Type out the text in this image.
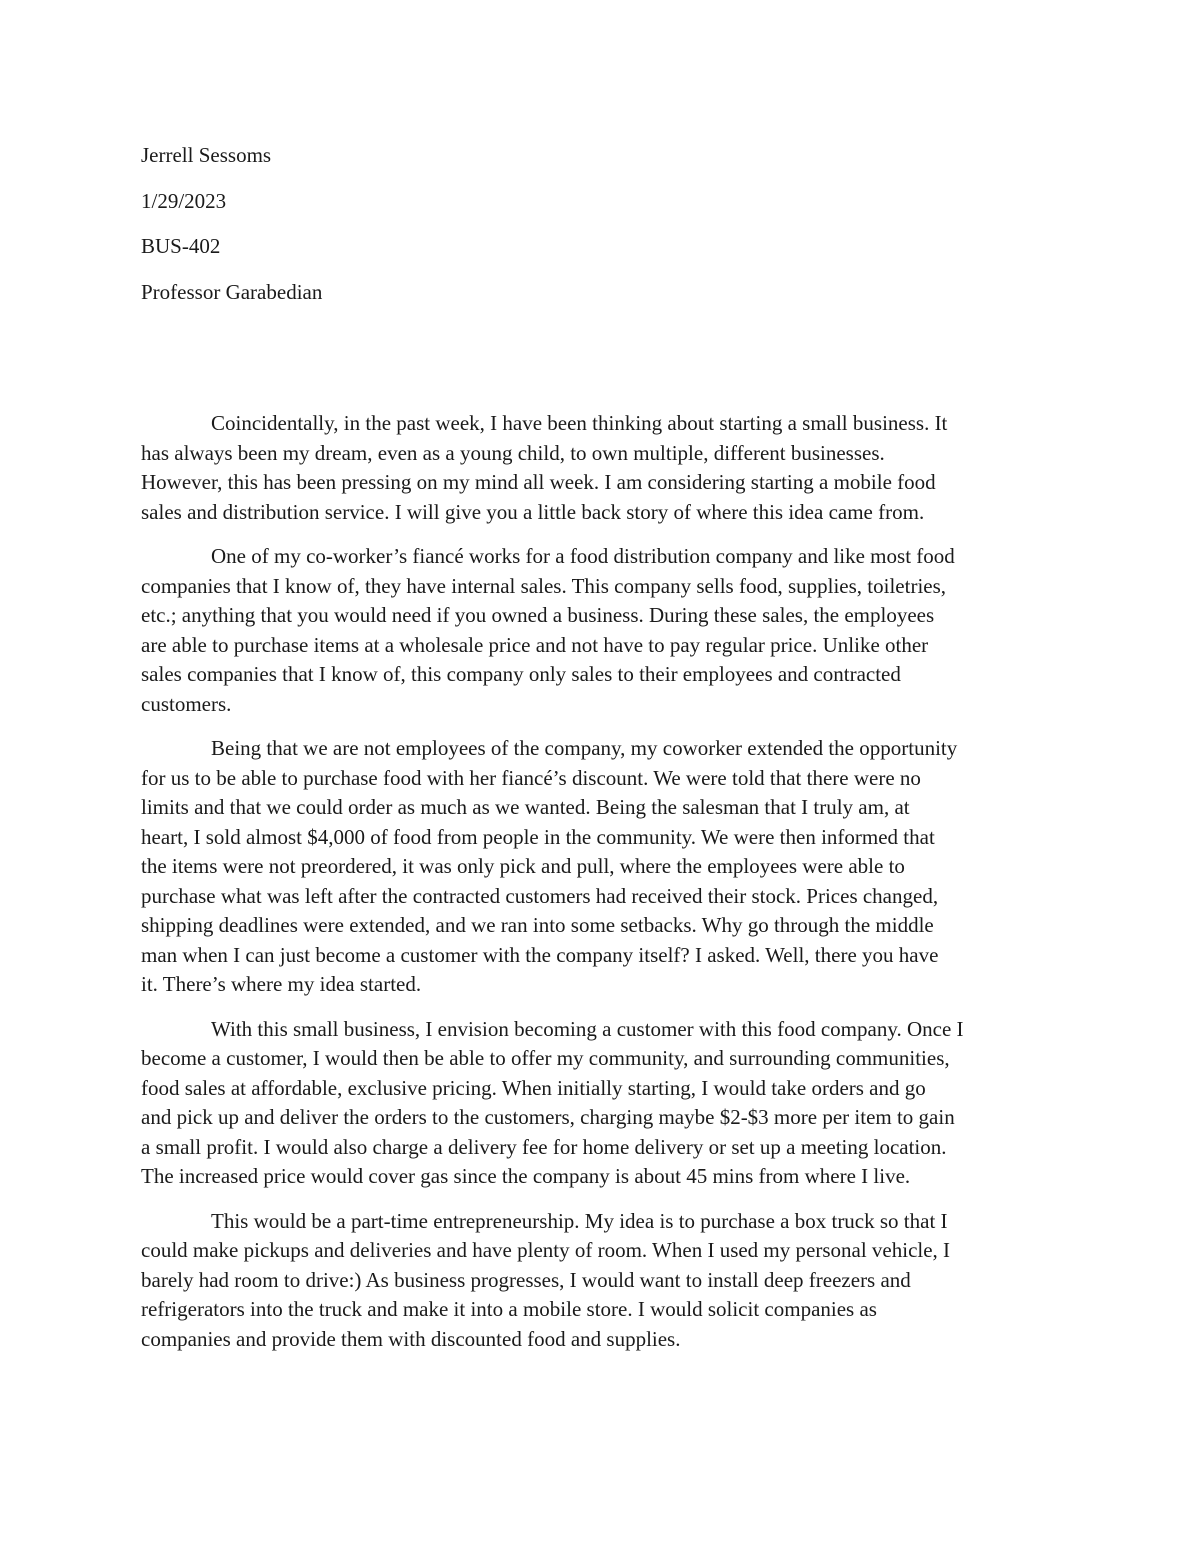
Jerrell Sessoms
1/29/2023
BUS-402
Professor Garabedian
Coincidentally, in the past week, I have been thinking about starting a small business. It
has always been my dream, even as a young child, to own multiple, different businesses.
However, this has been pressing on my mind all week. I am considering starting a mobile food
sales and distribution service. I will give you a little back story of where this idea came from.
One of my co-worker’s fiancé works for a food distribution company and like most food
companies that I know of, they have internal sales. This company sells food, supplies, toiletries,
etc.; anything that you would need if you owned a business. During these sales, the employees
are able to purchase items at a wholesale price and not have to pay regular price. Unlike other
sales companies that I know of, this company only sales to their employees and contracted
customers.
Being that we are not employees of the company, my coworker extended the opportunity
for us to be able to purchase food with her fiancé’s discount. We were told that there were no
limits and that we could order as much as we wanted. Being the salesman that I truly am, at
heart, I sold almost $4,000 of food from people in the community. We were then informed that
the items were not preordered, it was only pick and pull, where the employees were able to
purchase what was left after the contracted customers had received their stock. Prices changed,
shipping deadlines were extended, and we ran into some setbacks. Why go through the middle
man when I can just become a customer with the company itself? I asked. Well, there you have
it. There’s where my idea started.
With this small business, I envision becoming a customer with this food company. Once I
become a customer, I would then be able to offer my community, and surrounding communities,
food sales at affordable, exclusive pricing. When initially starting, I would take orders and go
and pick up and deliver the orders to the customers, charging maybe $2-$3 more per item to gain
a small profit. I would also charge a delivery fee for home delivery or set up a meeting location.
The increased price would cover gas since the company is about 45 mins from where I live.
This would be a part-time entrepreneurship. My idea is to purchase a box truck so that I
could make pickups and deliveries and have plenty of room. When I used my personal vehicle, I
barely had room to drive:) As business progresses, I would want to install deep freezers and
refrigerators into the truck and make it into a mobile store. I would solicit companies as
companies and provide them with discounted food and supplies.
